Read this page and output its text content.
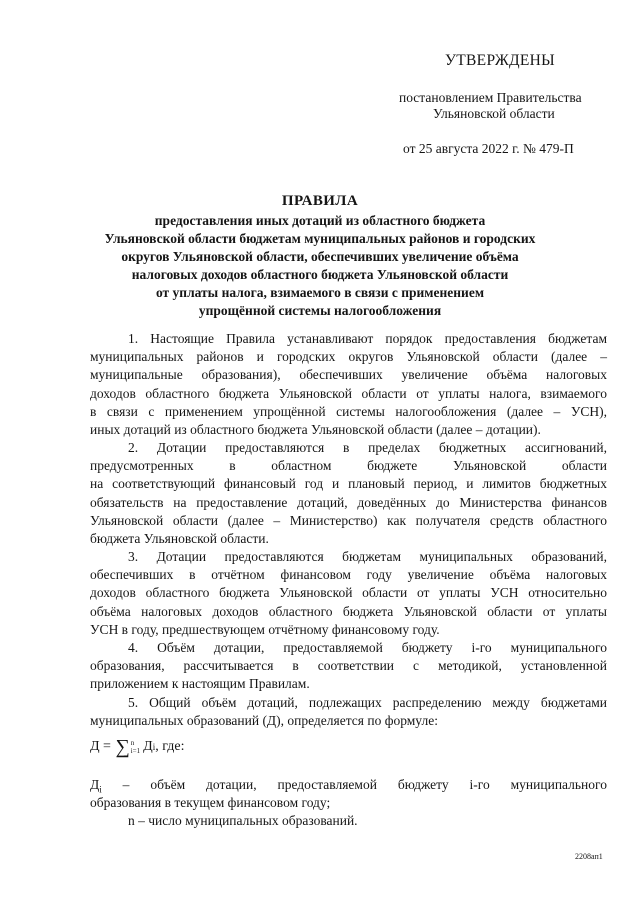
УТВЕРЖДЕНЫ
постановлением Правительства
Ульяновской области
от 25 августа 2022 г. № 479-П
ПРАВИЛА
предоставления иных дотаций из областного бюджета
Ульяновской области бюджетам муниципальных районов и городских
округов Ульяновской области, обеспечивших увеличение объёма
налоговых доходов областного бюджета Ульяновской области
от уплаты налога, взимаемого в связи с применением
упрощённой системы налогообложения
1. Настоящие Правила устанавливают порядок предоставления бюджетам
муниципальных районов и городских округов Ульяновской области (далее –
муниципальные образования), обеспечивших увеличение объёма налоговых
доходов областного бюджета Ульяновской области от уплаты налога, взимаемого
в связи с применением упрощённой системы налогообложения (далее – УСН),
иных дотаций из областного бюджета Ульяновской области (далее – дотации).
2. Дотации предоставляются в пределах бюджетных ассигнований,
предусмотренных в областном бюджете Ульяновской области
на соответствующий финансовый год и плановый период, и лимитов бюджетных
обязательств на предоставление дотаций, доведённых до Министерства финансов
Ульяновской области (далее – Министерство) как получателя средств областного
бюджета Ульяновской области.
3. Дотации предоставляются бюджетам муниципальных образований,
обеспечивших в отчётном финансовом году увеличение объёма налоговых
доходов областного бюджета Ульяновской области от уплаты УСН относительно
объёма налоговых доходов областного бюджета Ульяновской области от уплаты
УСН в году, предшествующем отчётному финансовому году.
4. Объём дотации, предоставляемой бюджету i-го муниципального
образования, рассчитывается в соответствии с методикой, установленной
приложением к настоящим Правилам.
5. Общий объём дотаций, подлежащих распределению между бюджетами
муниципальных образований (Д), определяется по формуле:
Д = ∑ n
i=1 Д i , где:
$Д_i$ – объём дотации, предоставляемой бюджету i-го муниципального
образования в текущем финансовом году;
n – число муниципальных образований.
2208ап1
